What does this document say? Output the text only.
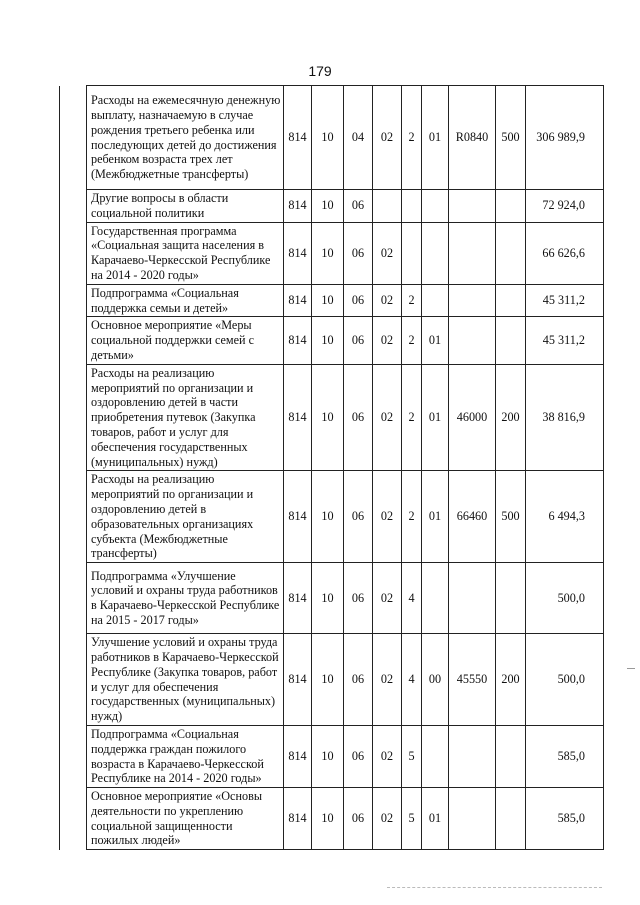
179
	Расходы на ежемесячную денежную выплату, назначаемую в случае рождения третьего ребенка или последующих детей до достижения ребенком возраста трех лет (Межбюджетные трансферты)	814	10	04	02	2	01	R0840	500	306 989,9
	Другие вопросы в области социальной политики	814	10	06						72 924,0
	Государственная программа «Социальная защита населения в Карачаево-Черкесской Республике на 2014 - 2020 годы»	814	10	06	02					66 626,6
	Подпрограмма «Социальная поддержка семьи и детей»	814	10	06	02	2				45 311,2
	Основное мероприятие «Меры социальной поддержки семей с детьми»	814	10	06	02	2	01			45 311,2
	Расходы на реализацию мероприятий по организации и оздоровлению детей в части приобретения путевок (Закупка товаров, работ и услуг для обеспечения государственных (муниципальных) нужд)	814	10	06	02	2	01	46000	200	38 816,9
	Расходы на реализацию мероприятий по организации и оздоровлению детей в образовательных организациях субъекта (Межбюджетные трансферты)	814	10	06	02	2	01	66460	500	6 494,3
	Подпрограмма «Улучшение условий и охраны труда работников в Карачаево-Черкесской Республике на 2015 - 2017 годы»	814	10	06	02	4				500,0
	Улучшение условий и охраны труда работников в Карачаево-Черкесской Республике (Закупка товаров, работ и услуг для обеспечения государственных (муниципальных) нужд)	814	10	06	02	4	00	45550	200	500,0
	Подпрограмма «Социальная поддержка граждан пожилого возраста в Карачаево-Черкесской Республике на 2014 - 2020 годы»	814	10	06	02	5				585,0
	Основное мероприятие «Основы деятельности по укреплению социальной защищенности пожилых людей»	814	10	06	02	5	01			585,0
